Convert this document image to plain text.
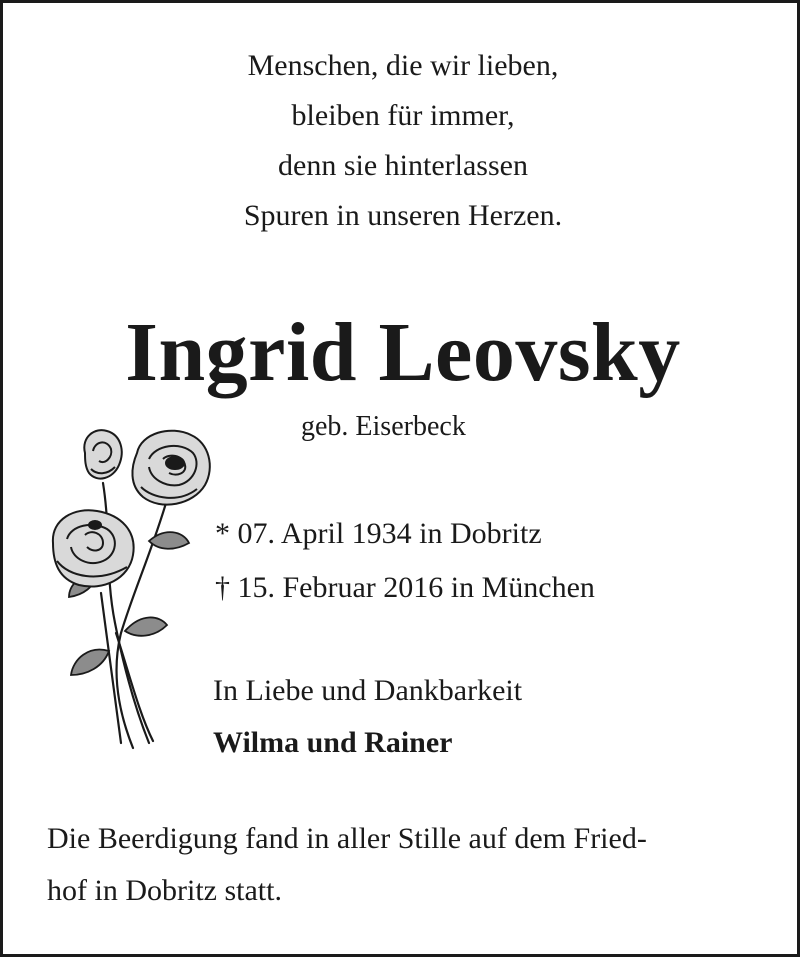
Menschen, die wir lieben,
bleiben für immer,
denn sie hinterlassen
Spuren in unseren Herzen.
Ingrid Leovsky
geb. Eiserbeck
* 07. April 1934 in Dobritz
† 15. Februar 2016 in München
In Liebe und Dankbarkeit
Wilma und Rainer
Die Beerdigung fand in aller Stille auf dem Fried-
hof in Dobritz statt.
